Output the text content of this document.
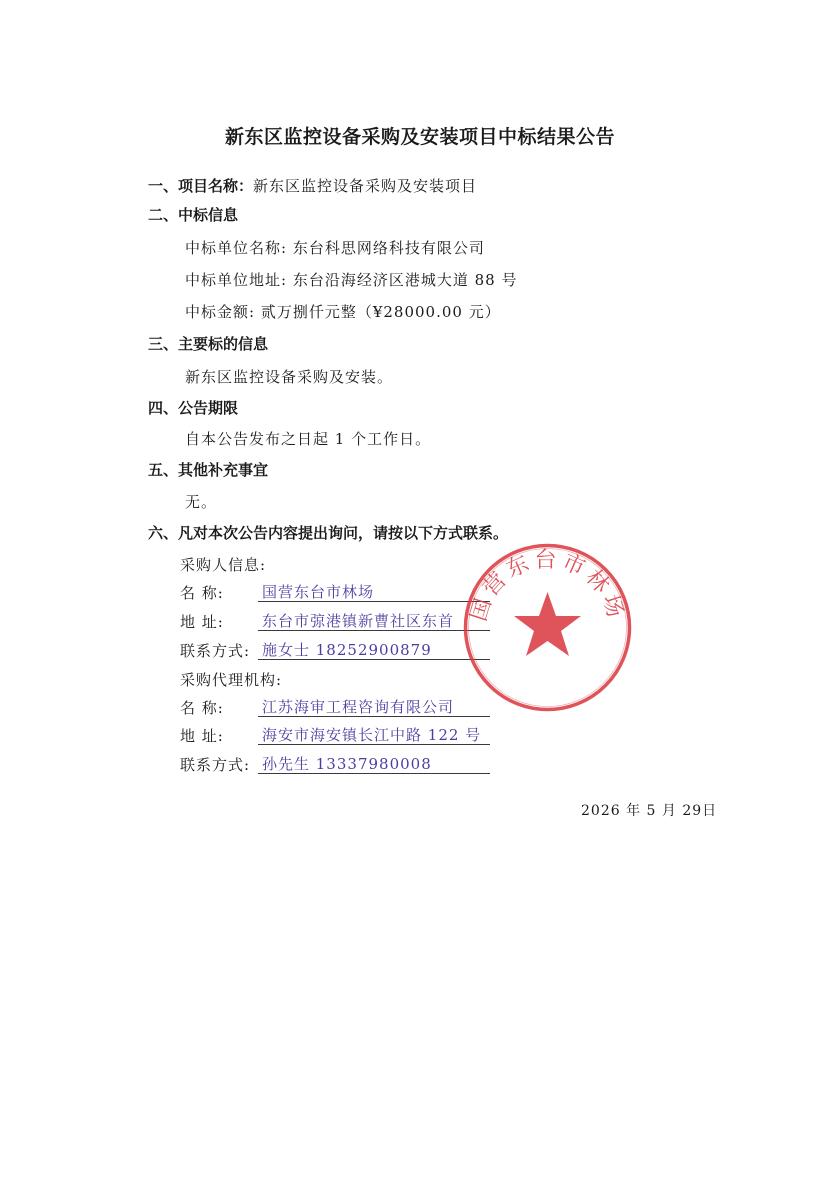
新东区监控设备采购及安装项目中标结果公告
一、项目名称：新东区监控设备采购及安装项目
二、中标信息
中标单位名称: 东台科思网络科技有限公司
中标单位地址: 东台沿海经济区港城大道 88 号
中标金额: 贰万捌仟元整（¥28000.00 元）
三、主要标的信息
新东区监控设备采购及安装。
四、公告期限
自本公告发布之日起 1 个工作日。
五、其他补充事宜
无。
六、凡对本次公告内容提出询问，请按以下方式联系。
采购人信息:
名 称:	国营东台市林场
地 址:	东台市弶港镇新曹社区东首
联系方式: 施女士 18252900879
采购代理机构:
名 称:	江苏海审工程咨询有限公司
地 址:	海安市海安镇长江中路 122 号
联系方式: 孙先生 13337980008
国营东台市林场
2026 年 5 月 29日
